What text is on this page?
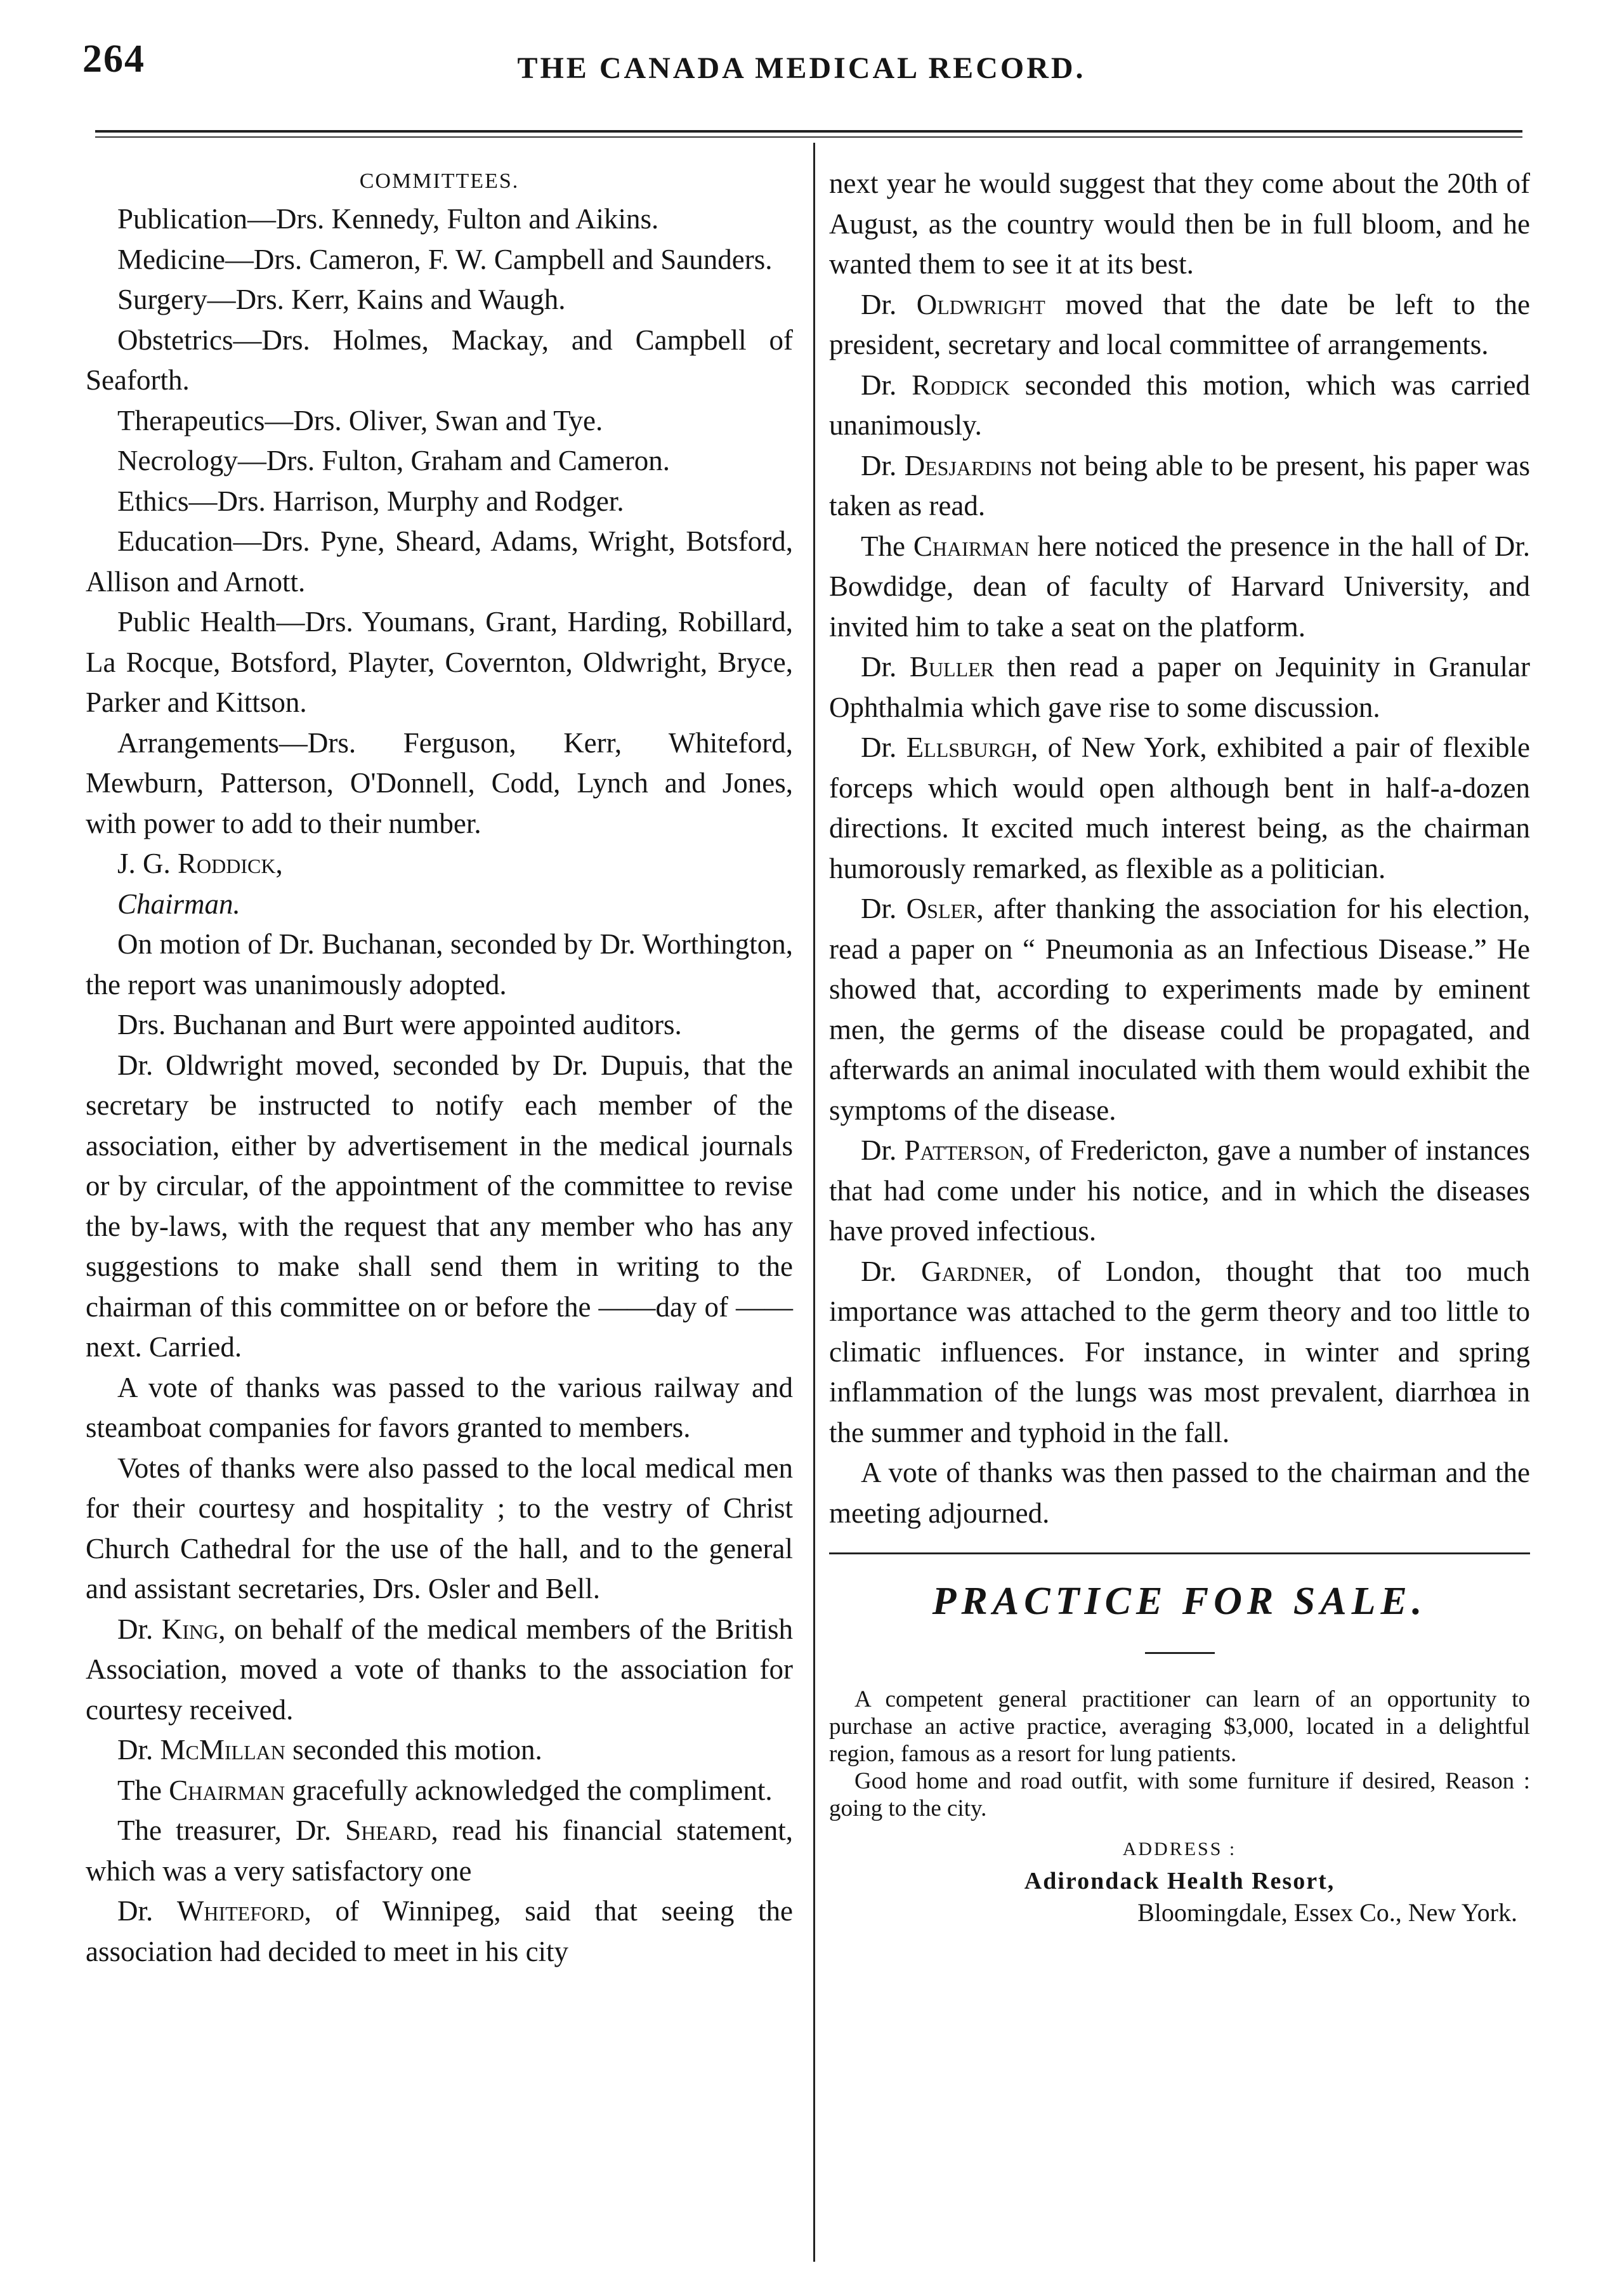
264	THE CANADA MEDICAL RECORD.
COMMITTEES.

Publication—Drs. Kennedy, Fulton and Aikins.

Medicine—Drs. Cameron, F. W. Campbell and Saunders.

Surgery—Drs. Kerr, Kains and Waugh.

Obstetrics—Drs. Holmes, Mackay, and Campbell of Seaforth.

Therapeutics—Drs. Oliver, Swan and Tye.

Necrology—Drs. Fulton, Graham and Cameron.

Ethics—Drs. Harrison, Murphy and Rodger.

Education—Drs. Pyne, Sheard, Adams, Wright, Botsford, Allison and Arnott.

Public Health—Drs. Youmans, Grant, Harding, Robillard, La Rocque, Botsford, Playter, Covernton, Oldwright, Bryce, Parker and Kittson.

Arrangements—Drs. Ferguson, Kerr, Whiteford, Mewburn, Patterson, O'Donnell, Codd, Lynch and Jones, with power to add to their number.

J. G. Roddick,

Chairman.

On motion of Dr. Buchanan, seconded by Dr. Worthington, the report was unanimously adopted.

Drs. Buchanan and Burt were appointed auditors.

Dr. Oldwright moved, seconded by Dr. Dupuis, that the secretary be instructed to notify each member of the association, either by advertisement in the medical journals or by circular, of the appointment of the committee to revise the by-laws, with the request that any member who has any suggestions to make shall send them in writing to the chairman of this committee on or before the ——day of ——next. Carried.

A vote of thanks was passed to the various railway and steamboat companies for favors granted to members.

Votes of thanks were also passed to the local medical men for their courtesy and hospitality ; to the vestry of Christ Church Cathedral for the use of the hall, and to the general and assistant secretaries, Drs. Osler and Bell.

Dr. King, on behalf of the medical members of the British Association, moved a vote of thanks to the association for courtesy received.

Dr. McMillan seconded this motion.

The Chairman gracefully acknowledged the compliment.

The treasurer, Dr. Sheard, read his financial statement, which was a very satisfactory one

Dr. Whiteford, of Winnipeg, said that seeing the association had decided to meet in his city

next year he would suggest that they come about the 20th of August, as the country would then be in full bloom, and he wanted them to see it at its best.

Dr. Oldwright moved that the date be left to the president, secretary and local committee of arrangements.

Dr. Roddick seconded this motion, which was carried unanimously.

Dr. Desjardins not being able to be present, his paper was taken as read.

The Chairman here noticed the presence in the hall of Dr. Bowdidge, dean of faculty of Harvard University, and invited him to take a seat on the platform.

Dr. Buller then read a paper on Jequinity in Granular Ophthalmia which gave rise to some discussion.

Dr. Ellsburgh, of New York, exhibited a pair of flexible forceps which would open although bent in half-a-dozen directions. It excited much interest being, as the chairman humorously remarked, as flexible as a politician.

Dr. Osler, after thanking the association for his election, read a paper on “ Pneumonia as an Infectious Disease.” He showed that, according to experiments made by eminent men, the germs of the disease could be propagated, and afterwards an animal inoculated with them would exhibit the symptoms of the disease.

Dr. Patterson, of Fredericton, gave a number of instances that had come under his notice, and in which the diseases have proved infectious.

Dr. Gardner, of London, thought that too much importance was attached to the germ theory and too little to climatic influences. For instance, in winter and spring inflammation of the lungs was most prevalent, diarrhœa in the summer and typhoid in the fall.

A vote of thanks was then passed to the chairman and the meeting adjourned.

PRACTICE FOR SALE.

A competent general practitioner can learn of an opportunity to purchase an active practice, averaging $3,000, located in a delightful region, famous as a resort for lung patients.

Good home and road outfit, with some furniture if desired, Reason : going to the city.

ADDRESS :
Adirondack Health Resort,
Bloomingdale, Essex Co., New York.
